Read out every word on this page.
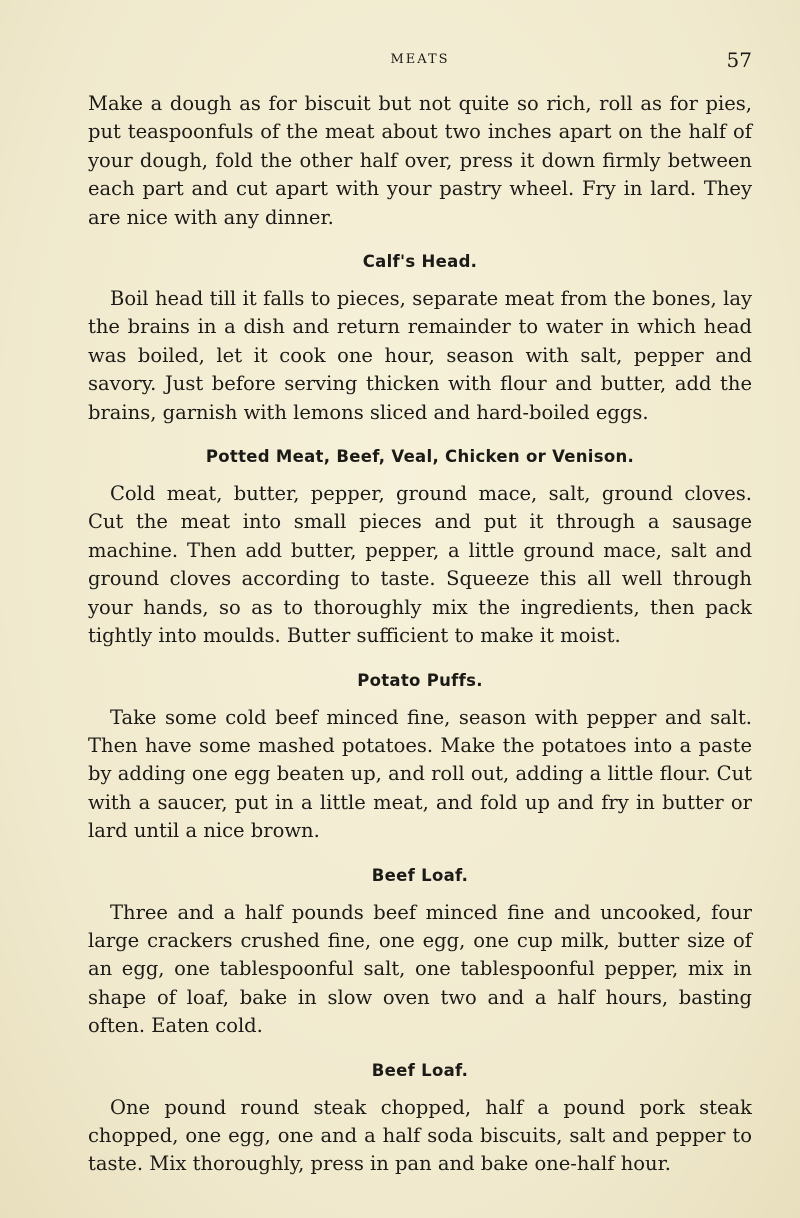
MEATS	57

Make a dough as for biscuit but not quite so rich, roll as for pies, put teaspoonfuls of the meat about two inches apart on the half of your dough, fold the other half over, press it down firmly between each part and cut apart with your pastry wheel. Fry in lard. They are nice with any dinner.

Calf's Head.

Boil head till it falls to pieces, separate meat from the bones, lay the brains in a dish and return remainder to water in which head was boiled, let it cook one hour, season with salt, pepper and savory. Just before serving thicken with flour and butter, add the brains, garnish with lemons sliced and hard-boiled eggs.

Potted Meat, Beef, Veal, Chicken or Venison.

Cold meat, butter, pepper, ground mace, salt, ground cloves. Cut the meat into small pieces and put it through a sausage machine. Then add butter, pepper, a little ground mace, salt and ground cloves according to taste. Squeeze this all well through your hands, so as to thoroughly mix the ingredients, then pack tightly into moulds. Butter sufficient to make it moist.

Potato Puffs.

Take some cold beef minced fine, season with pepper and salt. Then have some mashed potatoes. Make the potatoes into a paste by adding one egg beaten up, and roll out, adding a little flour. Cut with a saucer, put in a little meat, and fold up and fry in butter or lard until a nice brown.

Beef Loaf.

Three and a half pounds beef minced fine and uncooked, four large crackers crushed fine, one egg, one cup milk, butter size of an egg, one tablespoonful salt, one tablespoonful pepper, mix in shape of loaf, bake in slow oven two and a half hours, basting often. Eaten cold.

Beef Loaf.

One pound round steak chopped, half a pound pork steak chopped, one egg, one and a half soda biscuits, salt and pepper to taste. Mix thoroughly, press in pan and bake one-half hour.
